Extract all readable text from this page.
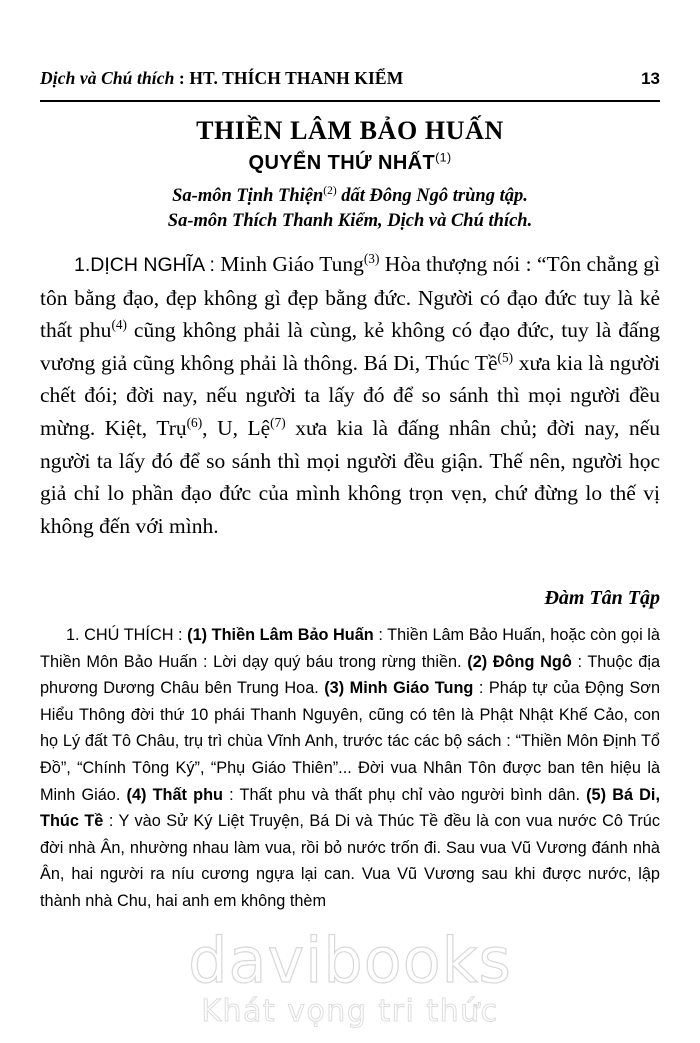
Dịch và Chú thích : HT. THÍCH THANH KIỂM	13
THIỀN LÂM BẢO HUẤN
QUYỂN THỨ NHẤT$^{(1)}$
Sa-môn Tịnh Thiện$^{(2)}$ dất Đông Ngô trùng tập.
Sa-môn Thích Thanh Kiểm, Dịch và Chú thích.
1.DỊCH NGHĨA : Minh Giáo Tung$^{(3)}$ Hòa thượng nói : “Tôn chẳng gì tôn bằng đạo, đẹp không gì đẹp bằng đức. Người có đạo đức tuy là kẻ thất phu$^{(4)}$ cũng không phải là cùng, kẻ không có đạo đức, tuy là đấng vương giả cũng không phải là thông. Bá Di, Thúc Tề$^{(5)}$ xưa kia là người chết đói; đời nay, nếu người ta lấy đó để so sánh thì mọi người đều mừng. Kiệt, Trụ$^{(6)}$, U, Lệ$^{(7)}$ xưa kia là đấng nhân chủ; đời nay, nếu người ta lấy đó để so sánh thì mọi người đều giận. Thế nên, người học giả chỉ lo phần đạo đức của mình không trọn vẹn, chứ đừng lo thế vị không đến với mình.
Đàm Tân Tập
1. CHÚ THÍCH : (1) Thiền Lâm Bảo Huấn : Thiền Lâm Bảo Huấn, hoặc còn gọi là Thiền Môn Bảo Huấn : Lời dạy quý báu trong rừng thiền. (2) Đông Ngô : Thuộc địa phương Dương Châu bên Trung Hoa. (3) Minh Giáo Tung : Pháp tự của Động Sơn Hiểu Thông đời thứ 10 phái Thanh Nguyên, cũng có tên là Phật Nhật Khế Cảo, con họ Lý đất Tô Châu, trụ trì chùa Vĩnh Anh, trước tác các bộ sách : “Thiền Môn Định Tổ Đồ”, “Chính Tông Ký”, “Phụ Giáo Thiên”... Đời vua Nhân Tôn được ban tên hiệu là Minh Giáo. (4) Thất phu : Thất phu và thất phụ chỉ vào người bình dân. (5) Bá Di, Thúc Tề : Y vào Sử Ký Liệt Truyện, Bá Di và Thúc Tề đều là con vua nước Cô Trúc đời nhà Ân, nhường nhau làm vua, rồi bỏ nước trốn đi. Sau vua Vũ Vương đánh nhà Ân, hai người ra níu cương ngựa lại can. Vua Vũ Vương sau khi được nước, lập thành nhà Chu, hai anh em không thèm
davibooks
Khát vọng tri thức
